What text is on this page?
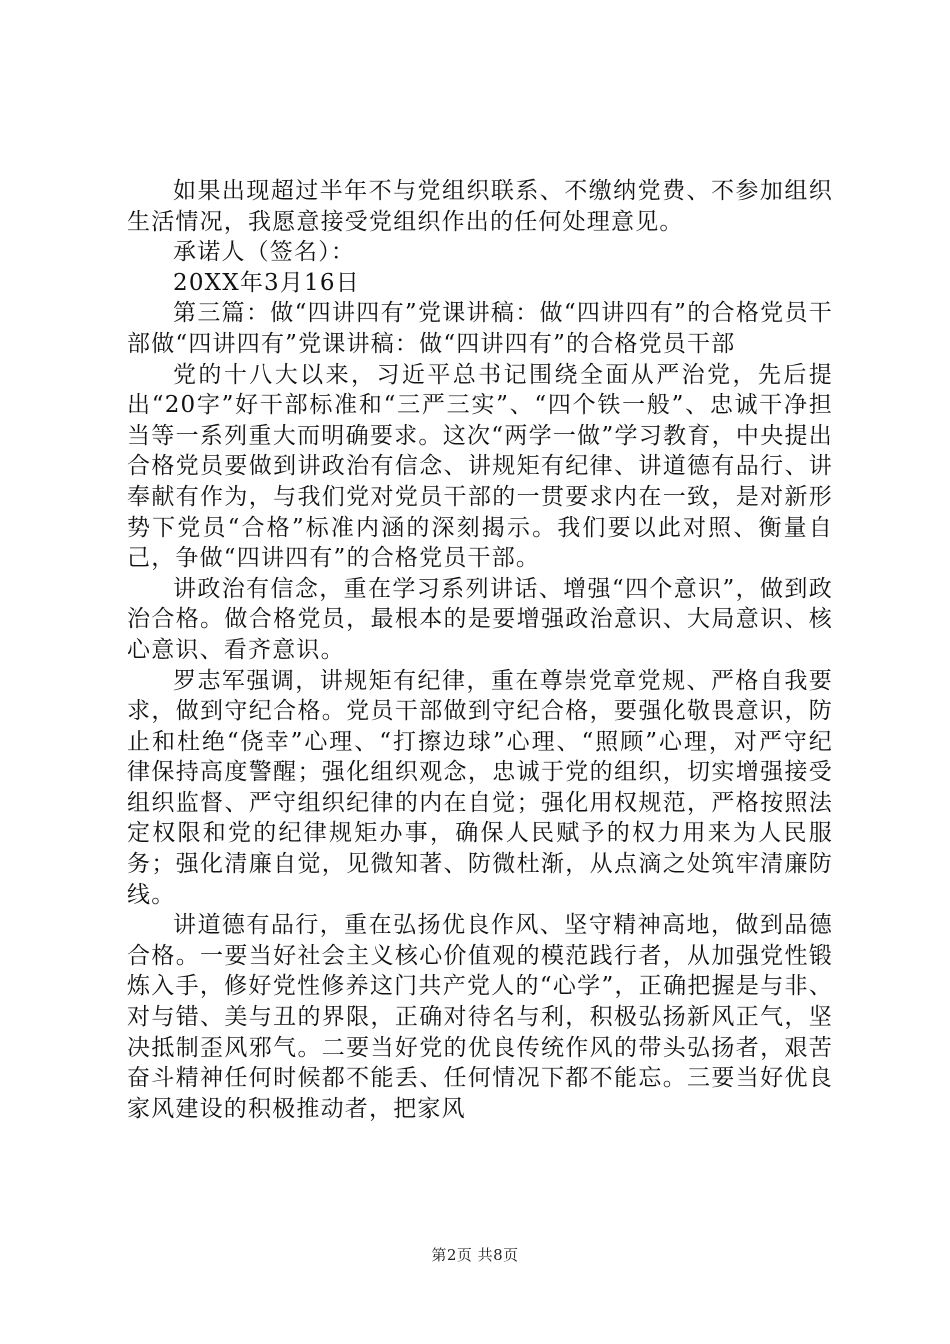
如果出现超过半年不与党组织联系、不缴纳党费、不参加组织生活情况，我愿意接受党组织作出的任何处理意见。

承诺人（签名）：

20XX年3月16日

第三篇：做“四讲四有”党课讲稿：做“四讲四有”的合格党员干部做“四讲四有”党课讲稿：做“四讲四有”的合格党员干部

党的十八大以来，习近平总书记围绕全面从严治党，先后提出“20字”好干部标准和“三严三实”、“四个铁一般”、忠诚干净担当等一系列重大而明确要求。这次“两学一做”学习教育，中央提出合格党员要做到讲政治有信念、讲规矩有纪律、讲道德有品行、讲奉献有作为，与我们党对党员干部的一贯要求内在一致，是对新形势下党员“合格”标准内涵的深刻揭示。我们要以此对照、衡量自己，争做“四讲四有”的合格党员干部。

讲政治有信念，重在学习系列讲话、增强“四个意识”，做到政治合格。做合格党员，最根本的是要增强政治意识、大局意识、核心意识、看齐意识。

罗志军强调，讲规矩有纪律，重在尊崇党章党规、严格自我要求，做到守纪合格。党员干部做到守纪合格，要强化敬畏意识，防止和杜绝“侥幸”心理、“打擦边球”心理、“照顾”心理，对严守纪律保持高度警醒；强化组织观念，忠诚于党的组织，切实增强接受组织监督、严守组织纪律的内在自觉；强化用权规范，严格按照法定权限和党的纪律规矩办事，确保人民赋予的权力用来为人民服务；强化清廉自觉，见微知著、防微杜渐，从点滴之处筑牢清廉防线。

讲道德有品行，重在弘扬优良作风、坚守精神高地，做到品德合格。一要当好社会主义核心价值观的模范践行者，从加强党性锻炼入手，修好党性修养这门共产党人的“心学”，正确把握是与非、对与错、美与丑的界限，正确对待名与利，积极弘扬新风正气，坚决抵制歪风邪气。二要当好党的优良传统作风的带头弘扬者，艰苦奋斗精神任何时候都不能丢、任何情况下都不能忘。三要当好优良家风建设的积极推动者，把家风

第2页 共8页
